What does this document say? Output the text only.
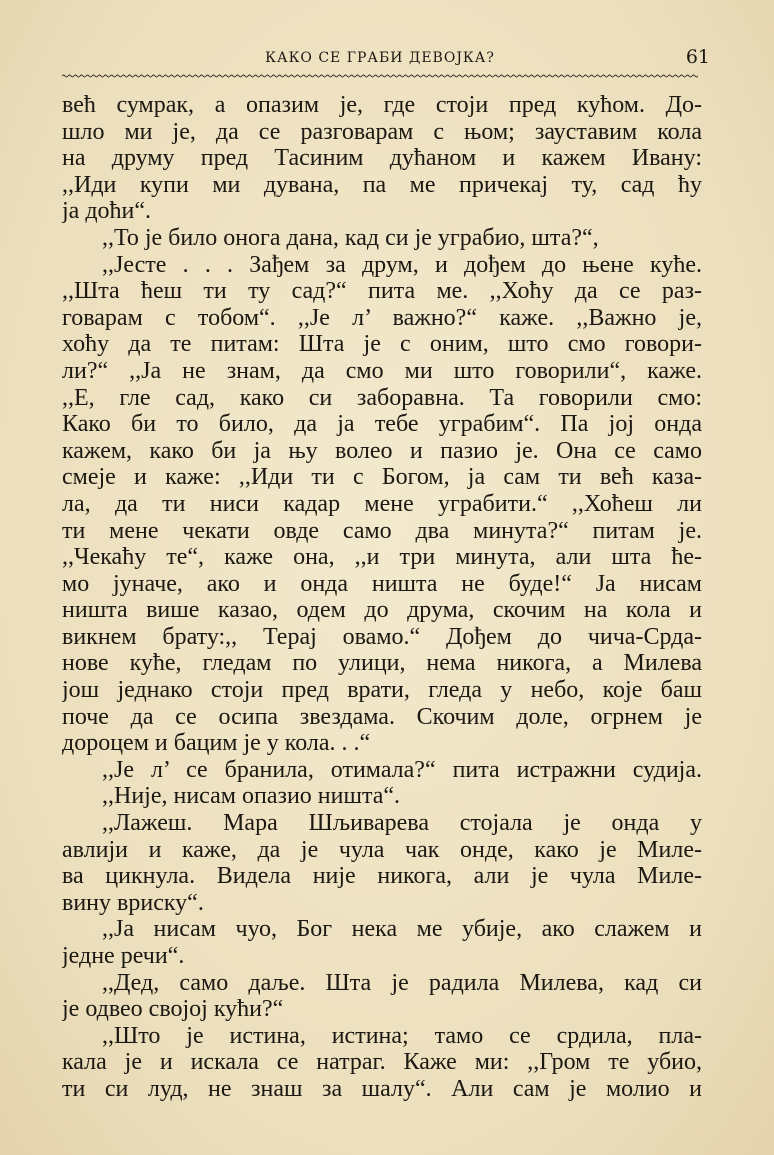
КАКО СЕ ГРАБИ ДЕВОЈКА?	61
већ сумрак, а опазим је, где стоји пред кућом. До-
шло ми је, да се разговарам с њом; зауставим кола
на друму пред Тасиним дућаном и кажем Ивану:
,,Иди купи ми дувана, па ме причекај ту, сад ћу
ја доћи“.
,,То је било онога дана, кад си је уграбио, шта?“,
,,Јесте . . . Зађем за друм, и дођем до њене куће.
,,Шта ћеш ти ту сад?“ пита ме. ,,Хоћу да се раз-
говарам с тобом“. ,,Је л’ важно?“ каже. ,,Важно је,
хоћу да те питам: Шта је с оним, што смо говори-
ли?“ ,,Ја не знам, да смо ми што говорили“, каже.
,,Е, гле сад, како си заборавна. Та говорили смо:
Како би то било, да ја тебе уграбим“. Па јој онда
кажем, како би ја њу волео и пазио је. Она се само
смеје и каже: ,,Иди ти с Богом, ја сам ти већ каза-
ла, да ти ниси кадар мене уграбити.“ ,,Хоћеш ли
ти мене чекати овде само два минута?“ питам је.
,,Чекаћу те“, каже она, ,,и три минута, али шта ће-
мо јуначе, ако и онда ништа не буде!“ Ја нисам
ништа више казао, одем до друма, скочим на кола и
викнем брату:,, Терај овамо.“ Дођем до чича-Срда-
нове куће, гледам по улици, нема никога, а Милева
још једнако стоји пред врати, гледа у небо, које баш
поче да се осипа звездама. Скочим доле, огрнем је
дороцем и бацим је у кола. . .“
,,Је л’ се бранила, отимала?“ пита истражни судија.
,,Није, нисам опазио ништа“.
,,Лажеш. Мара Шљиварева стојала је онда у
авлији и каже, да је чула чак онде, како је Миле-
ва цикнула. Видела није никога, али је чула Миле-
вину вриску“.
,,Ја нисам чуо, Бог нека ме убије, ако слажем и
једне речи“.
,,Дед, само даље. Шта је радила Милева, кад си
је одвео својој кући?“
,,Што је истина, истина; тамо се срдила, пла-
кала је и искала се натраг. Каже ми: ,,Гром те убио,
ти си луд, не знаш за шалу“. Али сам је молио и
